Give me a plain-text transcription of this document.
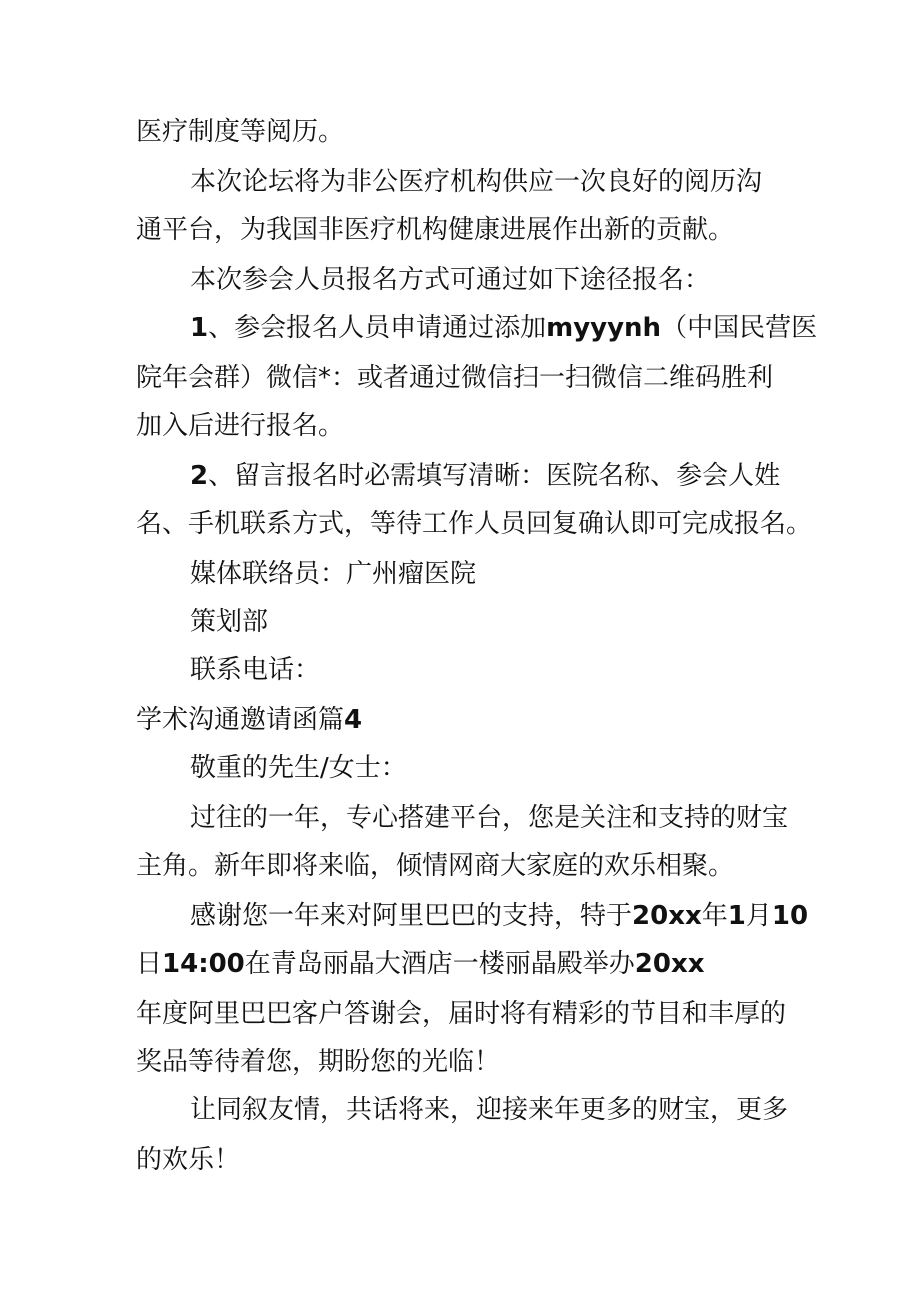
医疗制度等阅历。
本次论坛将为非公医疗机构供应一次良好的阅历沟
通平台，为我国非医疗机构健康进展作出新的贡献。
本次参会人员报名方式可通过如下途径报名：
1、参会报名人员申请通过添加myyynh（中国民营医
院年会群）微信*：或者通过微信扫一扫微信二维码胜利
加入后进行报名。
2、留言报名时必需填写清晰：医院名称、参会人姓
名、手机联系方式，等待工作人员回复确认即可完成报名。
媒体联络员：广州瘤医院
策划部
联系电话：
学术沟通邀请函篇4
敬重的先生/女士：
过往的一年，专心搭建平台，您是关注和支持的财宝
主角。新年即将来临，倾情网商大家庭的欢乐相聚。
感谢您一年来对阿里巴巴的支持，特于20xx年1月10
日14:00在青岛丽晶大酒店一楼丽晶殿举办20xx
年度阿里巴巴客户答谢会，届时将有精彩的节目和丰厚的
奖品等待着您，期盼您的光临！
让同叙友情，共话将来，迎接来年更多的财宝，更多
的欢乐！
